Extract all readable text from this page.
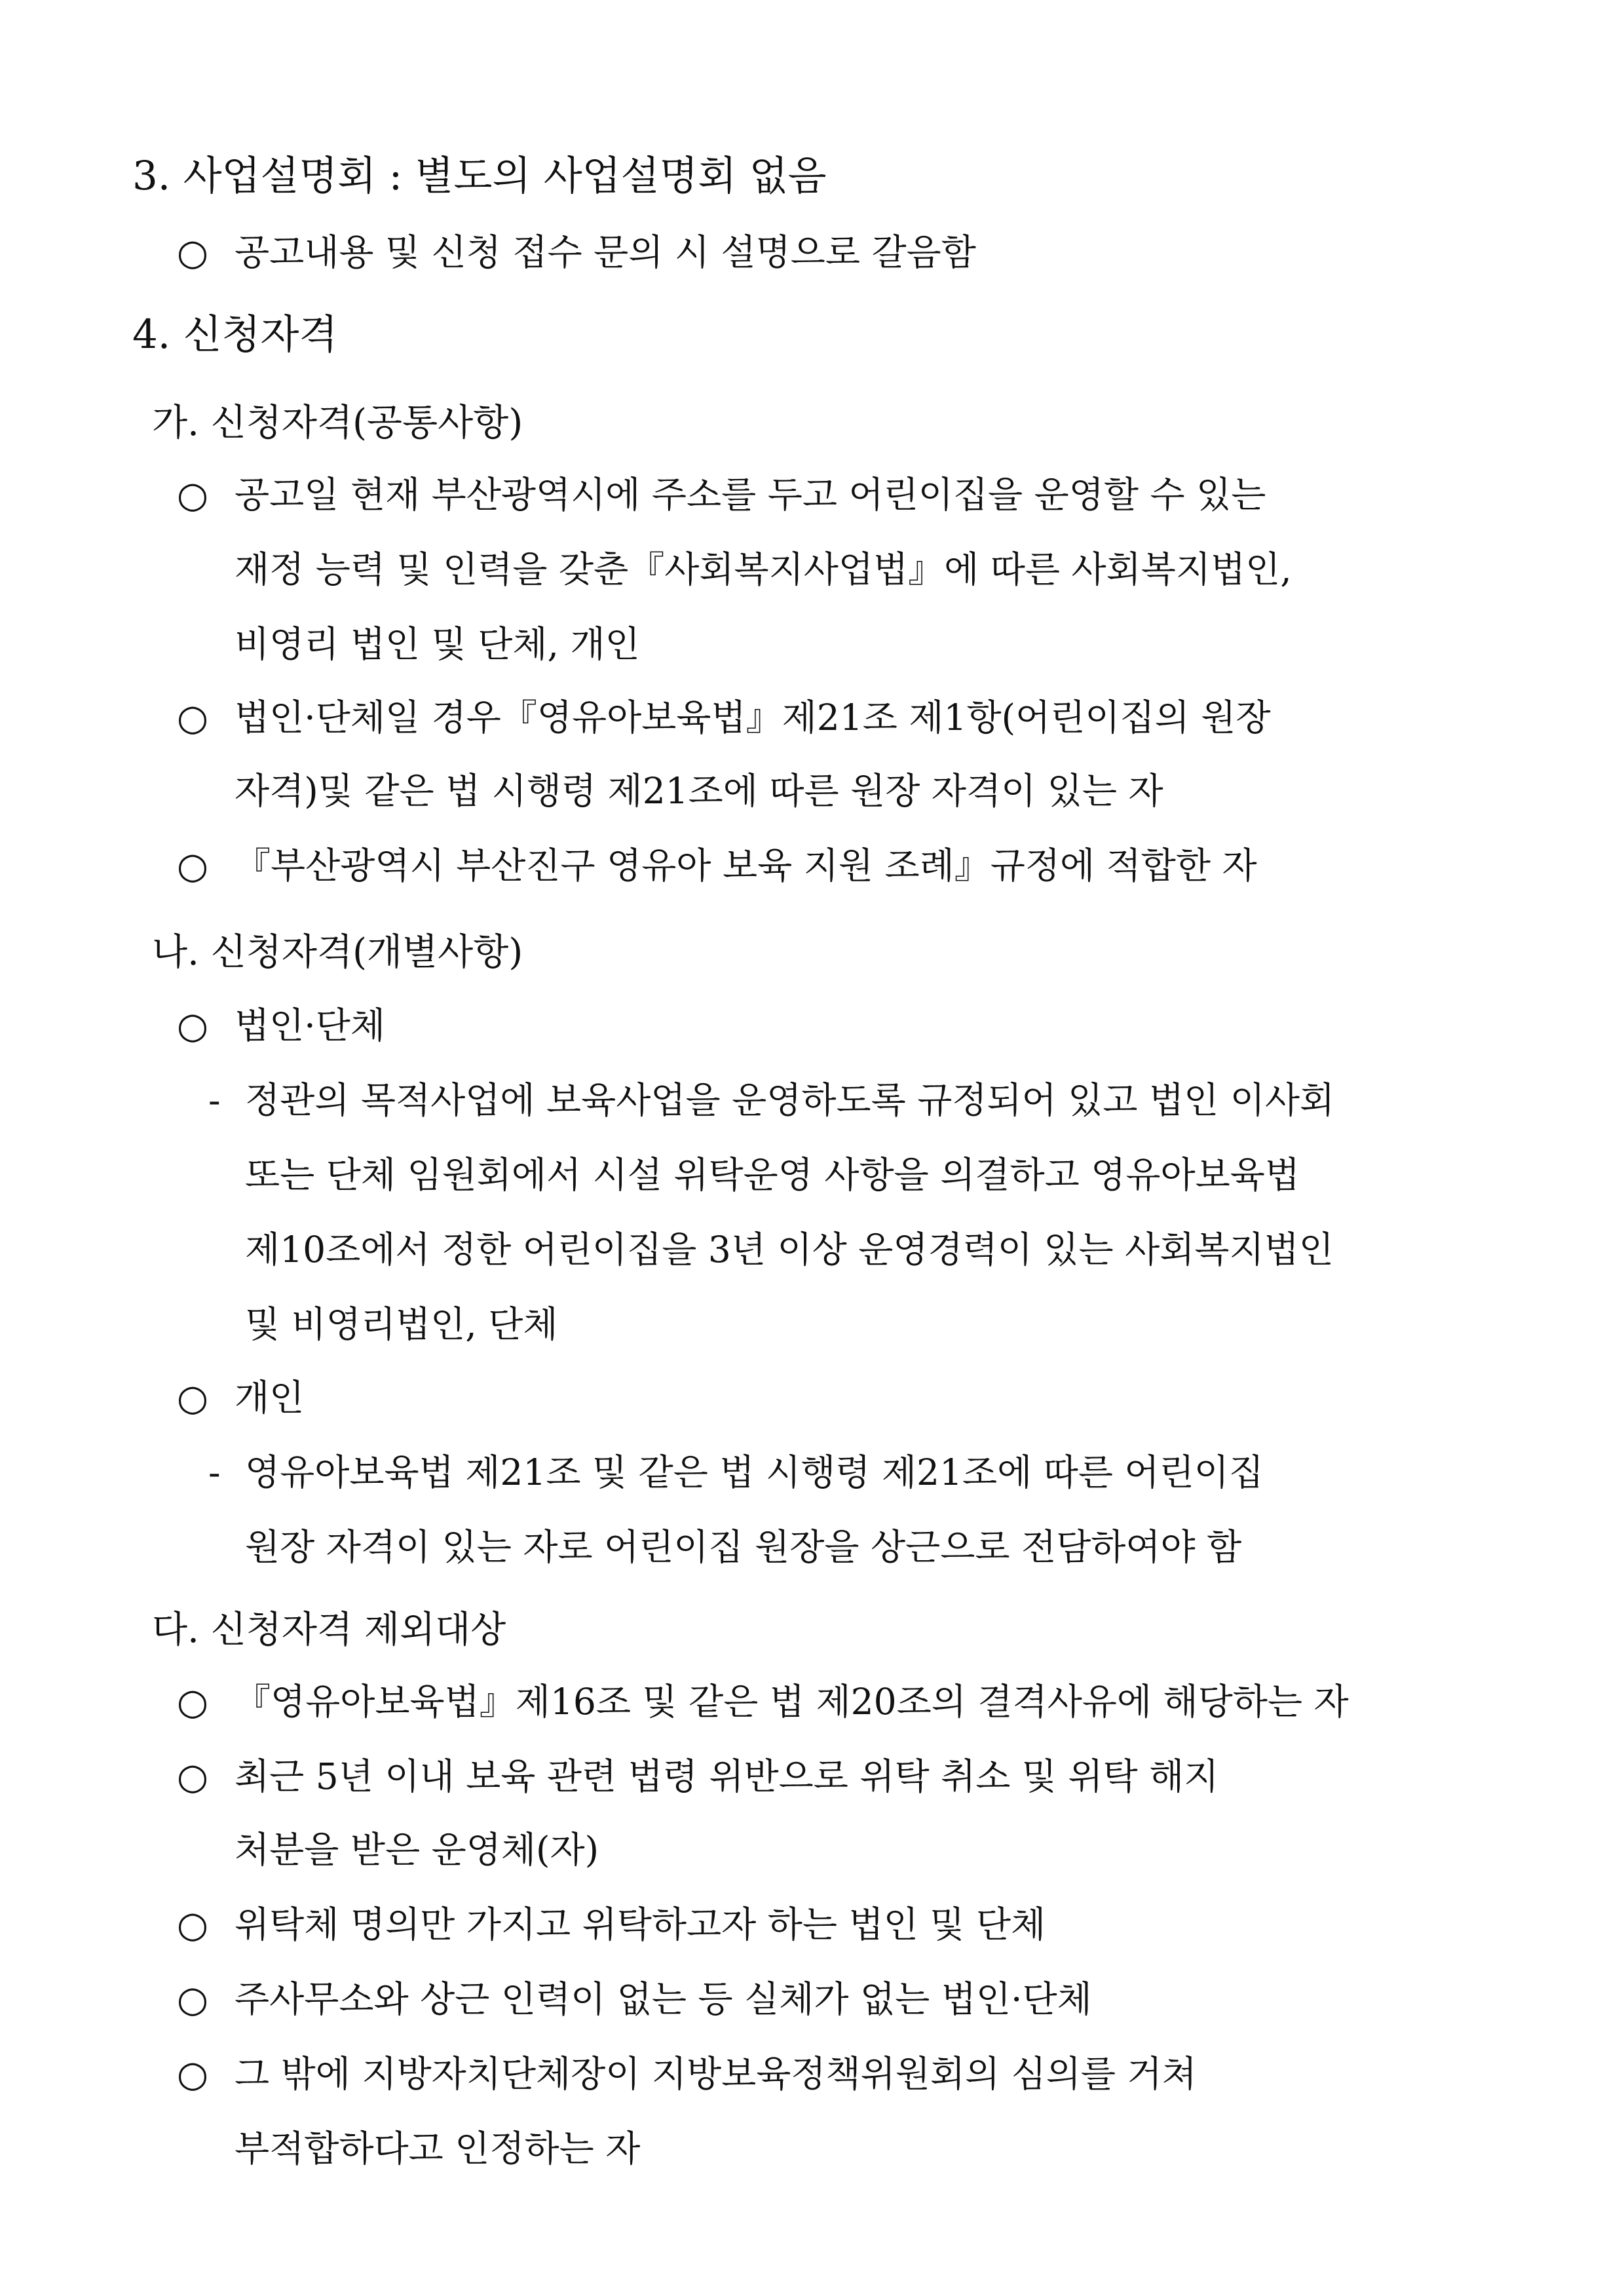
3. 사업설명회 : 별도의 사업설명회 없음
○ 공고내용 및 신청 접수 문의 시 설명으로 갈음함
4. 신청자격
가. 신청자격(공통사항)
○ 공고일 현재 부산광역시에 주소를 두고 어린이집을 운영할 수 있는
재정 능력 및 인력을 갖춘『사회복지사업법』에 따른 사회복지법인,
비영리 법인 및 단체, 개인
○ 법인·단체일 경우『영유아보육법』제21조 제1항(어린이집의 원장
자격)및 같은 법 시행령 제21조에 따른 원장 자격이 있는 자
○ 『부산광역시 부산진구 영유아 보육 지원 조례』규정에 적합한 자
나. 신청자격(개별사항)
○ 법인·단체
- 정관의 목적사업에 보육사업을 운영하도록 규정되어 있고 법인 이사회
또는 단체 임원회에서 시설 위탁운영 사항을 의결하고 영유아보육법
제10조에서 정한 어린이집을 3년 이상 운영경력이 있는 사회복지법인
및 비영리법인, 단체
○ 개인
- 영유아보육법 제21조 및 같은 법 시행령 제21조에 따른 어린이집
원장 자격이 있는 자로 어린이집 원장을 상근으로 전담하여야 함
다. 신청자격 제외대상
○ 『영유아보육법』제16조 및 같은 법 제20조의 결격사유에 해당하는 자
○ 최근 5년 이내 보육 관련 법령 위반으로 위탁 취소 및 위탁 해지
처분을 받은 운영체(자)
○ 위탁체 명의만 가지고 위탁하고자 하는 법인 및 단체
○ 주사무소와 상근 인력이 없는 등 실체가 없는 법인·단체
○ 그 밖에 지방자치단체장이 지방보육정책위원회의 심의를 거쳐
부적합하다고 인정하는 자
